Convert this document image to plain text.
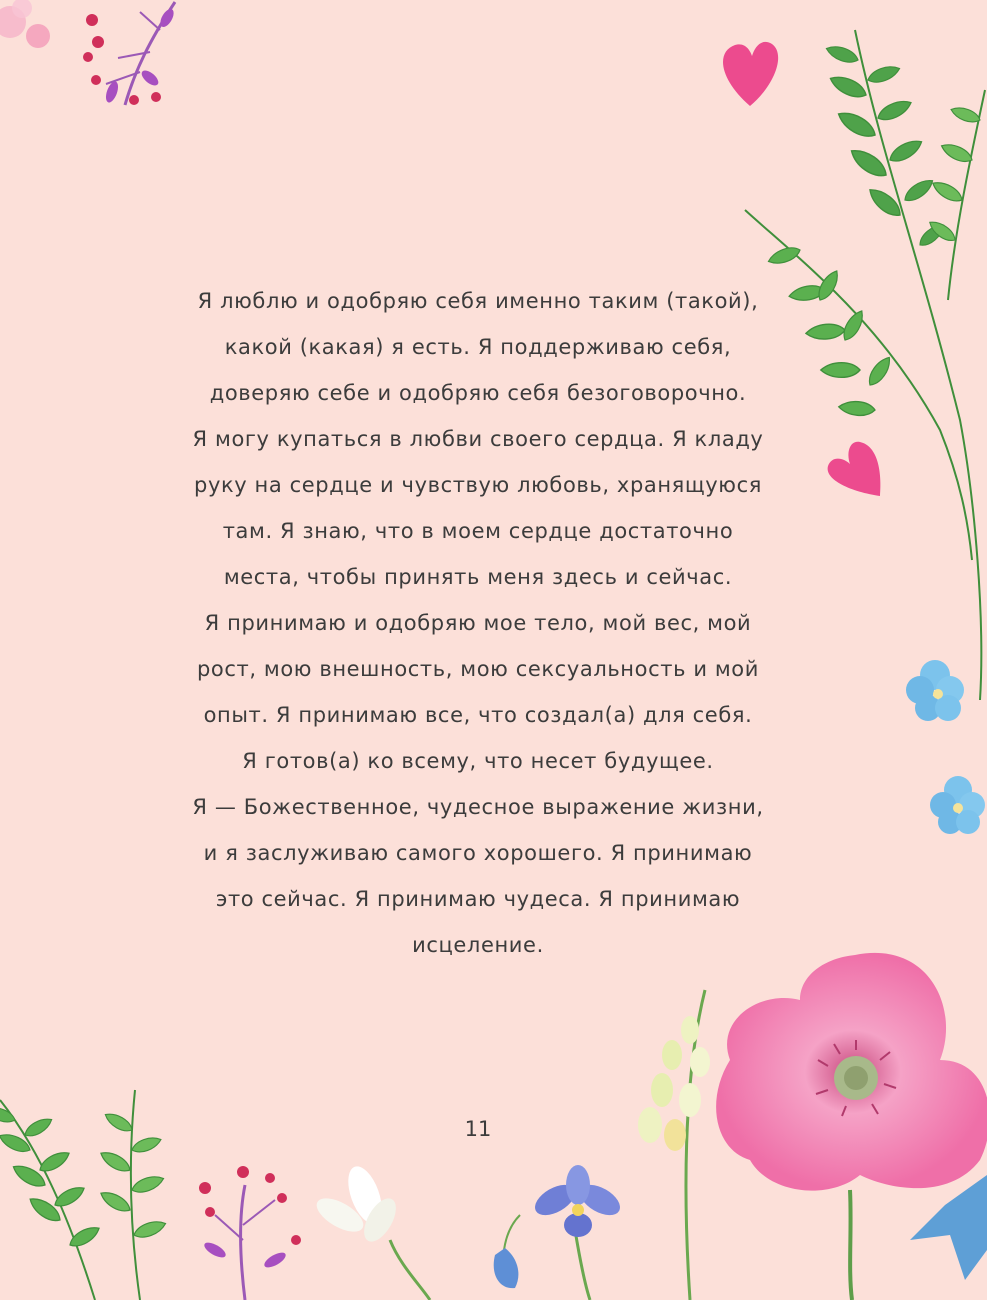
Я люблю и одобряю себя именно таким (такой),
какой (какая) я есть. Я поддерживаю себя,
доверяю себе и одобряю себя безоговорочно.
Я могу купаться в любви своего сердца. Я кладу
руку на сердце и чувствую любовь, хранящуюся
там. Я знаю, что в моем сердце достаточно
места, чтобы принять меня здесь и сейчас.
Я принимаю и одобряю мое тело, мой вес, мой
рост, мою внешность, мою сексуальность и мой
опыт. Я принимаю все, что создал(а) для себя.
Я готов(а) ко всему, что несет будущее.
Я — Божественное, чудесное выражение жизни,
и я заслуживаю самого хорошего. Я принимаю
это сейчас. Я принимаю чудеса. Я принимаю
исцеление.
11
